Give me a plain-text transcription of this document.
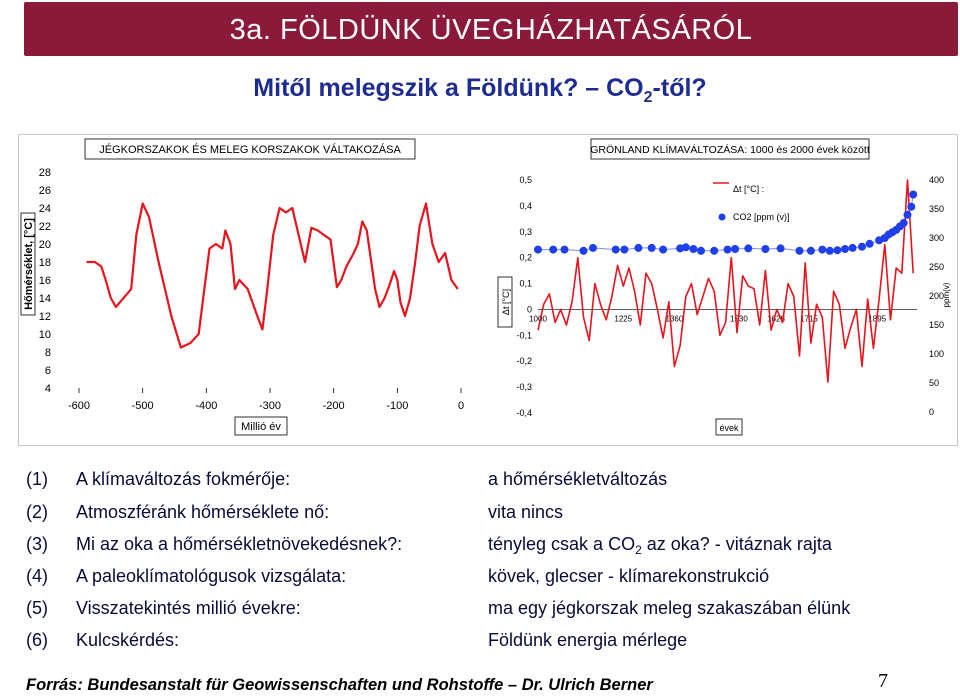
3a. FÖLDÜNK ÜVEGHÁZHATÁSÁRÓL
Mitől melegszik a Földünk? – $CO_2$-től?
JÉGKORSZAKOK ÉS MELEG KORSZAKOK VÁLTAKOZÁSA
Hőmérséklet, [°C]
4
6
8
10
12
14
16
18
20
22
24
26
28
-600	-500	-400	-300	-200	-100	0
Millió év
GRÖNLAND KLÍMAVÁLTOZÁSA: 1000 és 2000 évek között
Δt [°C]
0,5
0,4
0,3
0,2
0,1
0
-0,1
-0,2
-0,3
-0,4
400
350
300
250
200
150
100
50
0
ppm(v)
1000	1225	1360	1530 1628 1715	1895
évek
Δt [°C] :
CO2 [ppm (v)]
(1) A klímaváltozás fokmérője:	a hőmérsékletváltozás
(2) Atmoszféránk hőmérséklete nő:	vita nincs
(3) Mi az oka a hőmérsékletnövekedésnek?:	tényleg csak a $CO_2$ az oka? - vitáznak rajta
(4) A paleoklímatológusok vizsgálata:	kövek, glecser - klímarekonstrukció
(5) Visszatekintés millió évekre:	ma egy jégkorszak meleg szakaszában élünk
(6) Kulcskérdés:	Földünk energia mérlege
Forrás: Bundesanstalt für Geowissenschaften und Rohstoffe – Dr. Ulrich Berner	7
